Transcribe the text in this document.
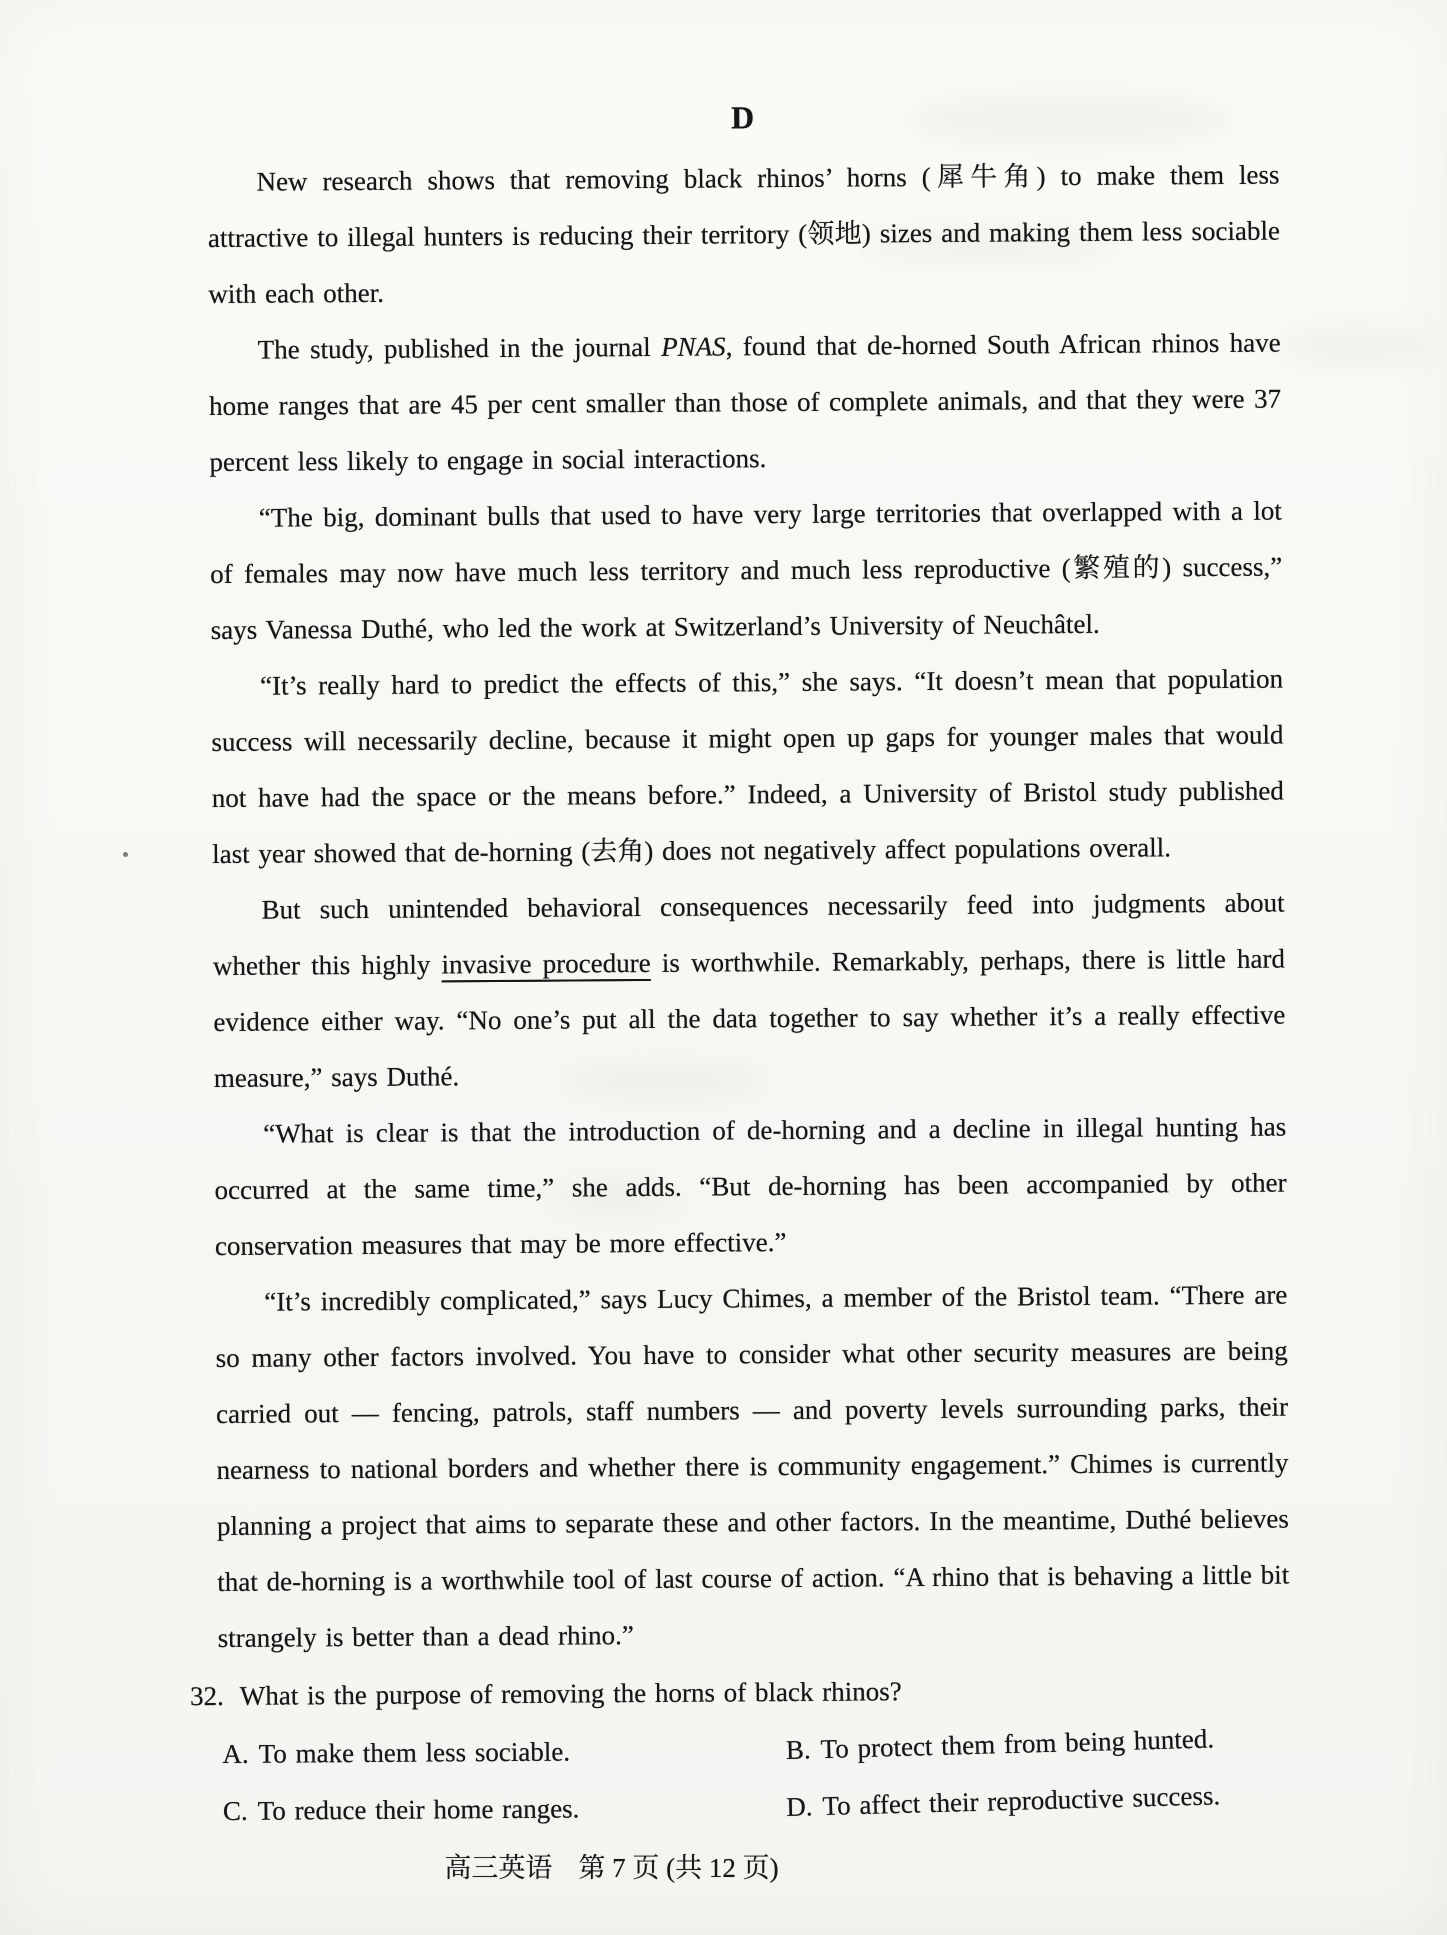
D

New research shows that removing black rhinos’ horns (犀牛角) to make them less attractive to illegal hunters is reducing their territory (领地) sizes and making them less sociable with each other.

The study, published in the journal PNAS, found that de-horned South African rhinos have home ranges that are 45 per cent smaller than those of complete animals, and that they were 37 percent less likely to engage in social interactions.

“The big, dominant bulls that used to have very large territories that overlapped with a lot of females may now have much less territory and much less reproductive (繁殖的) success,” says Vanessa Duthé, who led the work at Switzerland’s University of Neuchâtel.

“It’s really hard to predict the effects of this,” she says. “It doesn’t mean that population success will necessarily decline, because it might open up gaps for younger males that would not have had the space or the means before.” Indeed, a University of Bristol study published last year showed that de-horning (去角) does not negatively affect populations overall.

But such unintended behavioral consequences necessarily feed into judgments about whether this highly invasive procedure is worthwhile. Remarkably, perhaps, there is little hard evidence either way. “No one’s put all the data together to say whether it’s a really effective measure,” says Duthé.

“What is clear is that the introduction of de-horning and a decline in illegal hunting has occurred at the same time,” she adds. “But de-horning has been accompanied by other conservation measures that may be more effective.”

“It’s incredibly complicated,” says Lucy Chimes, a member of the Bristol team. “There are so many other factors involved. You have to consider what other security measures are being carried out — fencing, patrols, staff numbers — and poverty levels surrounding parks, their nearness to national borders and whether there is community engagement.” Chimes is currently planning a project that aims to separate these and other factors. In the meantime, Duthé believes that de-horning is a worthwhile tool of last course of action. “A rhino that is behaving a little bit strangely is better than a dead rhino.”

32. What is the purpose of removing the horns of black rhinos?
A. To make them less sociable.	B. To protect them from being hunted.
C. To reduce their home ranges.	D. To affect their reproductive success.
高三英语 第 7 页 (共 12 页)
